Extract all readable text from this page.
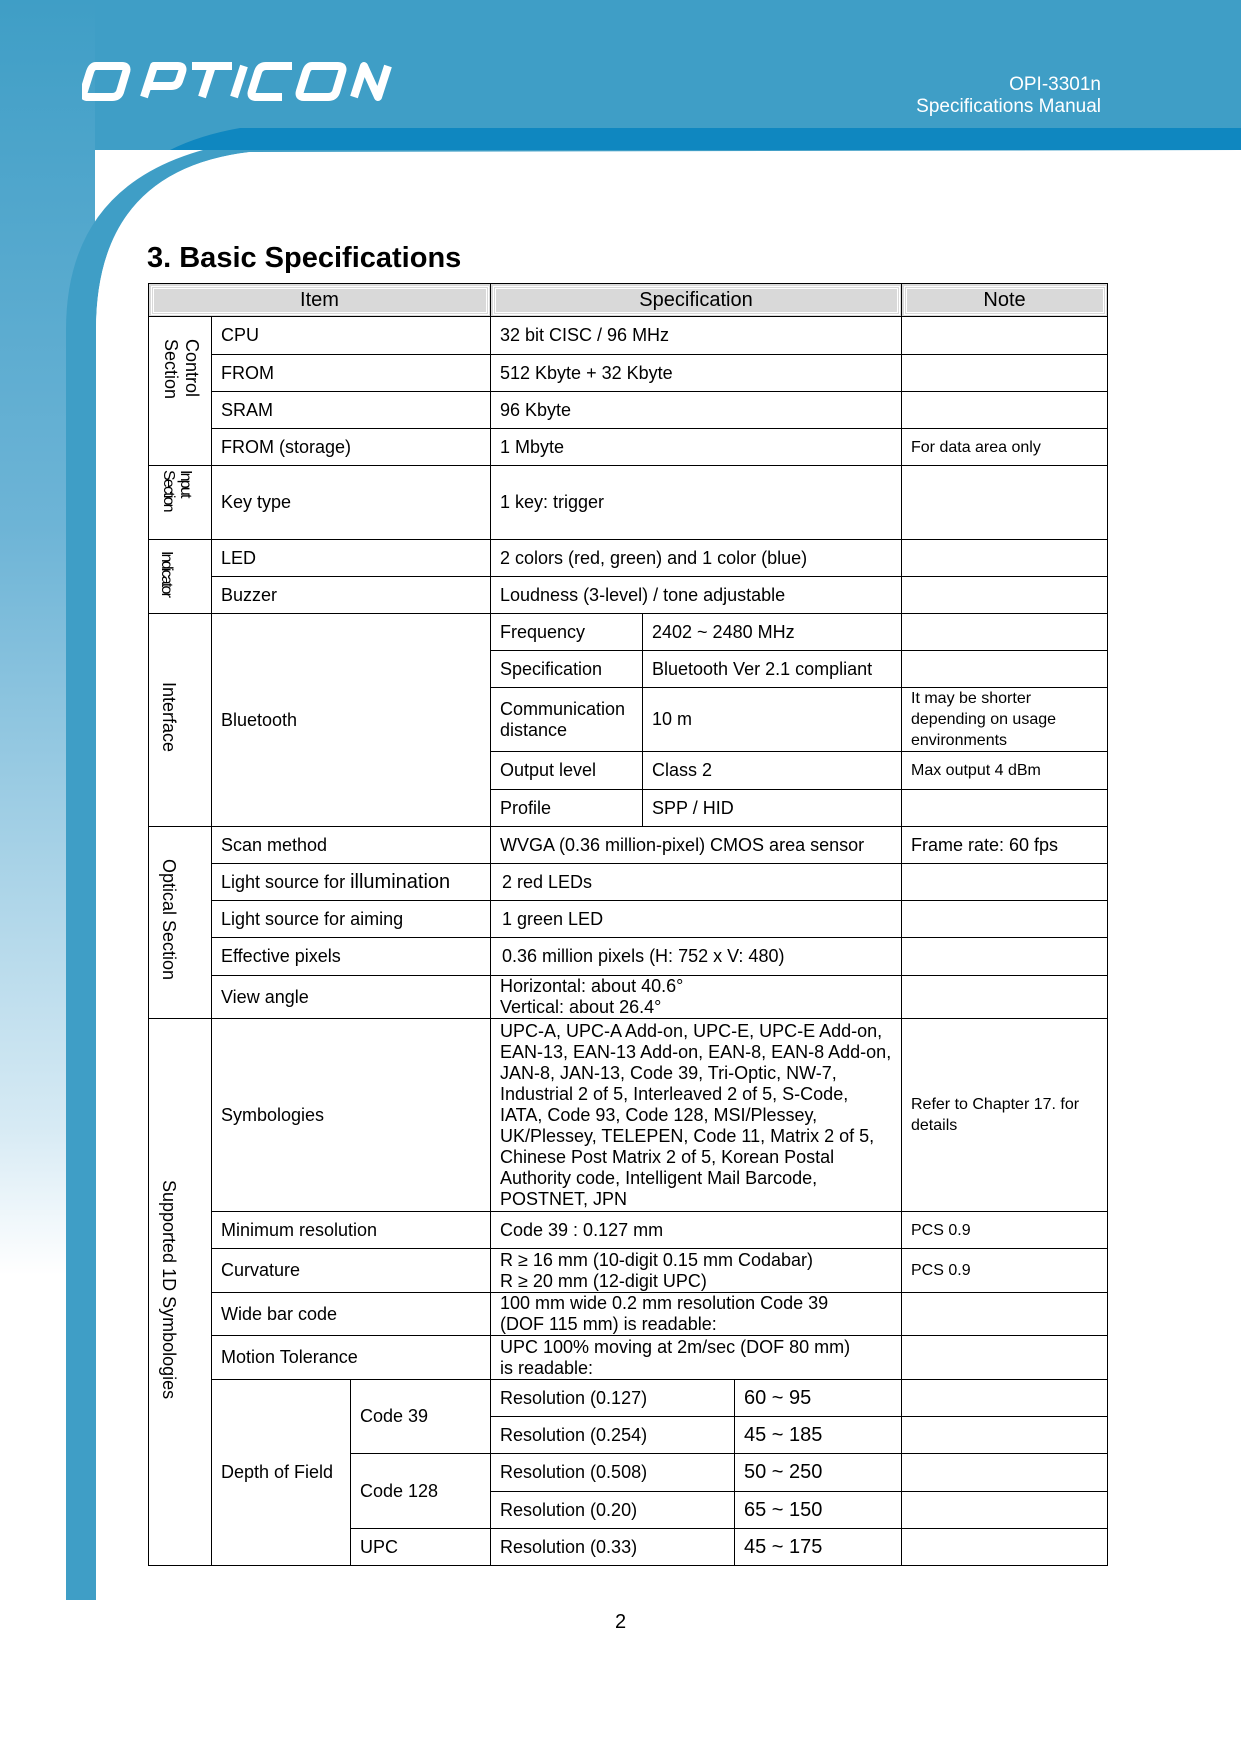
OPI-3301n
Specifications Manual
3. Basic Specifications
Item			Specification			Note
Control Section	CPU		32 bit CISC / 96 MHz			
	FROM		512 Kbyte + 32 Kbyte			
	SRAM		96 Kbyte			
	FROM (storage)		1 Mbyte			For data area only
Input Section	Key type		1 key: trigger			
Indicator	LED		2 colors (red, green) and 1 color (blue)			
	Buzzer		Loudness (3-level) / tone adjustable			
Interface	Bluetooth		Frequency	2402 ~ 2480 MHz		
			Specification	Bluetooth Ver 2.1 compliant		
			Communication distance	10 m		It may be shorter depending on usage environments
			Output level	Class 2		Max output 4 dBm
			Profile	SPP / HID		
Optical Section	Scan method		WVGA (0.36 million-pixel) CMOS area sensor			Frame rate: 60 fps
	Light source for illumination		2 red LEDs			
	Light source for aiming		1 green LED			
	Effective pixels		0.36 million pixels (H: 752 x V: 480)			
	View angle		Horizontal: about 40.6°
Vertical: about 26.4°			

Supported 1D Symbologies	Symbologies		UPC-A, UPC-A Add-on, UPC-E, UPC-E Add-on, EAN-13, EAN-13 Add-on, EAN-8, EAN-8 Add-on, JAN-8, JAN-13, Code 39, Tri-Optic, NW-7, Industrial 2 of 5, Interleaved 2 of 5, S-Code, IATA, Code 93, Code 128, MSI/Plessey, UK/Plessey, TELEPEN, Code 11, Matrix 2 of 5, Chinese Post Matrix 2 of 5, Korean Postal Authority code, Intelligent Mail Barcode, POSTNET, JPN			Refer to Chapter 17. for details
	Minimum resolution		Code 39 : 0.127 mm			PCS 0.9
	Curvature		R ≥ 16 mm (10-digit 0.15 mm Codabar)
R ≥ 20 mm (12-digit UPC)			PCS 0.9
	Wide bar code		100 mm wide 0.2 mm resolution Code 39
(DOF 115 mm) is readable:			

	Motion Tolerance		UPC 100% moving at 2m/sec (DOF 80 mm)
is readable:			

	Depth of Field	Code 39	Resolution (0.127)		60 ~ 95	
			Resolution (0.254)		45 ~ 185	
		Code 128	Resolution (0.508)		50 ~ 250	
			Resolution (0.20)		65 ~ 150	
		UPC	Resolution (0.33)		45 ~ 175	
2
